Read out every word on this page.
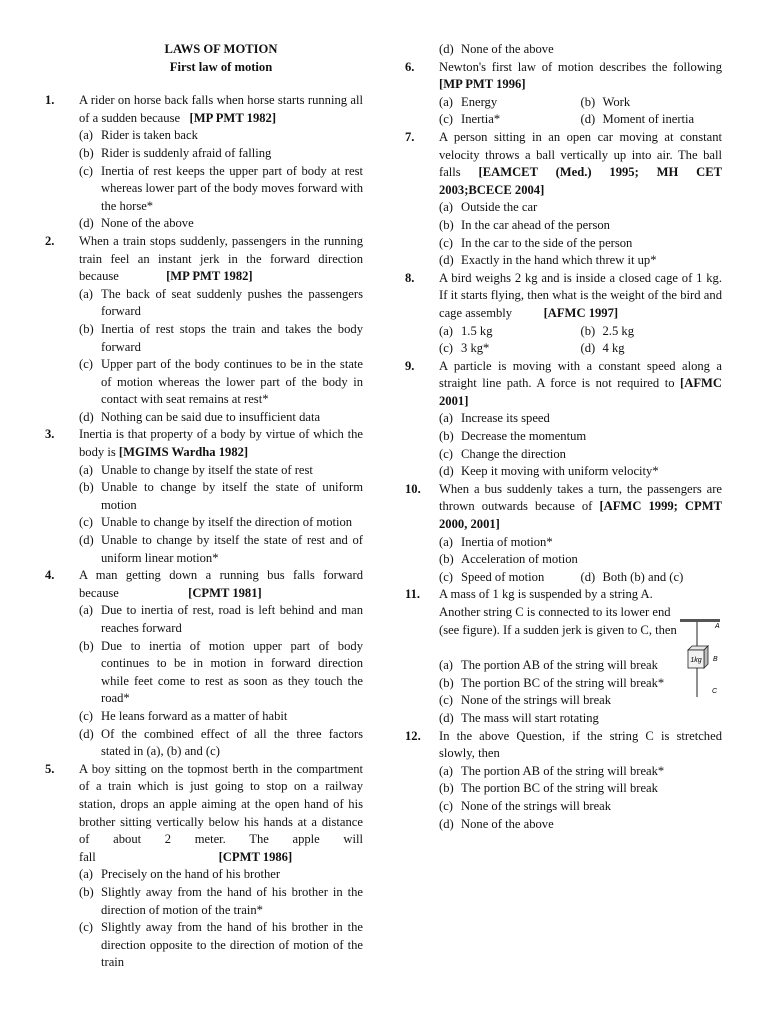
LAWS OF MOTION
First law of motion
1. A rider on horse back falls when horse starts running all of a sudden because [MP PMT 1982]
(a) Rider is taken back
(b) Rider is suddenly afraid of falling
(c) Inertia of rest keeps the upper part of body at rest whereas lower part of the body moves forward with the horse*
(d) None of the above
2. When a train stops suddenly, passengers in the running train feel an instant jerk in the forward direction because	[MP PMT 1982]
(a) The back of seat suddenly pushes the passengers forward
(b) Inertia of rest stops the train and takes the body forward
(c) Upper part of the body continues to be in the state of motion whereas the lower part of the body in contact with seat remains at rest*
(d) Nothing can be said due to insufficient data
3. Inertia is that property of a body by virtue of which the body is [MGIMS Wardha 1982]
(a) Unable to change by itself the state of rest
(b) Unable to change by itself the state of uniform motion
(c) Unable to change by itself the direction of motion
(d) Unable to change by itself the state of rest and of uniform linear motion*
4. A man getting down a running bus falls forward because	[CPMT 1981]
(a) Due to inertia of rest, road is left behind and man reaches forward
(b) Due to inertia of motion upper part of body continues to be in motion in forward direction while feet come to rest as soon as they touch the road*
(c) He leans forward as a matter of habit
(d) Of the combined effect of all the three factors stated in (a), (b) and (c)
5. A boy sitting on the topmost berth in the compartment of a train which is just going to stop on a railway station, drops an apple aiming at the open hand of his brother sitting vertically below his hands at a distance of about 2 meter. The apple will fall	[CPMT 1986]
(a) Precisely on the hand of his brother
(b) Slightly away from the hand of his brother in the direction of motion of the train*
(c) Slightly away from the hand of his brother in the direction opposite to the direction of motion of the train
(d) None of the above
6. Newton's first law of motion describes the following [MP PMT 1996]
(a) Energy	(b) Work
(c) Inertia*	(d) Moment of inertia
7. A person sitting in an open car moving at constant velocity throws a ball vertically up into air. The ball falls [EAMCET (Med.) 1995; MH CET 2003;BCECE 2004]
(a) Outside the car
(b) In the car ahead of the person
(c) In the car to the side of the person
(d) Exactly in the hand which threw it up*
8. A bird weighs 2 kg and is inside a closed cage of 1 kg. If it starts flying, then what is the weight of the bird and cage assembly [AFMC 1997]
(a) 1.5 kg	(b) 2.5 kg
(c) 3 kg*	(d) 4 kg
9. A particle is moving with a constant speed along a straight line path. A force is not required to [AFMC 2001]
(a) Increase its speed
(b) Decrease the momentum
(c) Change the direction
(d) Keep it moving with uniform velocity*
10. When a bus suddenly takes a turn, the passengers are thrown outwards because of [AFMC 1999; CPMT 2000, 2001]
(a) Inertia of motion*
(b) Acceleration of motion
(c) Speed of motion	(d) Both (b) and (c)
11. A mass of 1 kg is suspended by a string A. Another string C is connected to its lower end (see figure). If a sudden jerk is given to C, then
(a) The portion AB of the string will break
(b) The portion BC of the string will break*
(c) None of the strings will break
(d) The mass will start rotating
1kg
A
B
C
12. In the above Question, if the string C is stretched slowly, then
(a) The portion AB of the string will break*
(b) The portion BC of the string will break
(c) None of the strings will break
(d) None of the above
